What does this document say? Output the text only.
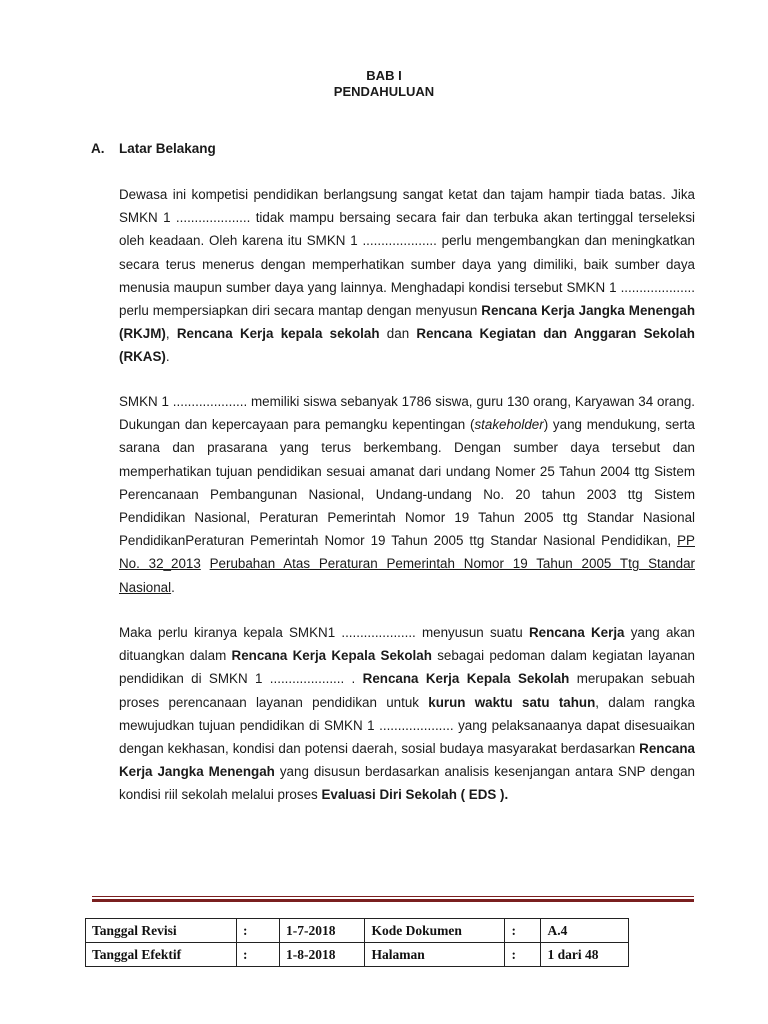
BAB I
PENDAHULUAN
A. Latar Belakang

Dewasa ini kompetisi pendidikan berlangsung sangat ketat dan tajam hampir tiada batas. Jika SMKN 1 .................... tidak mampu bersaing secara fair dan terbuka akan tertinggal terseleksi oleh keadaan. Oleh karena itu SMKN 1 .................... perlu mengembangkan dan meningkatkan secara terus menerus dengan memperhatikan sumber daya yang dimiliki, baik sumber daya menusia maupun sumber daya yang lainnya. Menghadapi kondisi tersebut SMKN 1 .................... perlu mempersiapkan diri secara mantap dengan menyusun Rencana Kerja Jangka Menengah (RKJM), Rencana Kerja kepala sekolah dan Rencana Kegiatan dan Anggaran Sekolah (RKAS).

SMKN 1 .................... memiliki siswa sebanyak 1786 siswa, guru 130 orang, Karyawan 34 orang. Dukungan dan kepercayaan para pemangku kepentingan (stakeholder) yang mendukung, serta sarana dan prasarana yang terus berkembang. Dengan sumber daya tersebut dan memperhatikan tujuan pendidikan sesuai amanat dari undang Nomer 25 Tahun 2004 ttg Sistem Perencanaan Pembangunan Nasional, Undang-undang No. 20 tahun 2003 ttg Sistem Pendidikan Nasional, Peraturan Pemerintah Nomor 19 Tahun 2005 ttg Standar Nasional PendidikanPeraturan Pemerintah Nomor 19 Tahun 2005 ttg Standar Nasional Pendidikan, PP No. 32_2013 Perubahan Atas Peraturan Pemerintah Nomor 19 Tahun 2005 Ttg Standar Nasional.

Maka perlu kiranya kepala SMKN1 .................... menyusun suatu Rencana Kerja yang akan dituangkan dalam Rencana Kerja Kepala Sekolah sebagai pedoman dalam kegiatan layanan pendidikan di SMKN 1 .................... . Rencana Kerja Kepala Sekolah merupakan sebuah proses perencanaan layanan pendidikan untuk kurun waktu satu tahun, dalam rangka mewujudkan tujuan pendidikan di SMKN 1 .................... yang pelaksanaanya dapat disesuaikan dengan kekhasan, kondisi dan potensi daerah, sosial budaya masyarakat berdasarkan Rencana Kerja Jangka Menengah yang disusun berdasarkan analisis kesenjangan antara SNP dengan kondisi riil sekolah melalui proses Evaluasi Diri Sekolah ( EDS ).

Tanggal Revisi	:	1-7-2018	Kode Dokumen	:	A.4
Tanggal Efektif	:	1-8-2018	Halaman	:	1 dari 48
